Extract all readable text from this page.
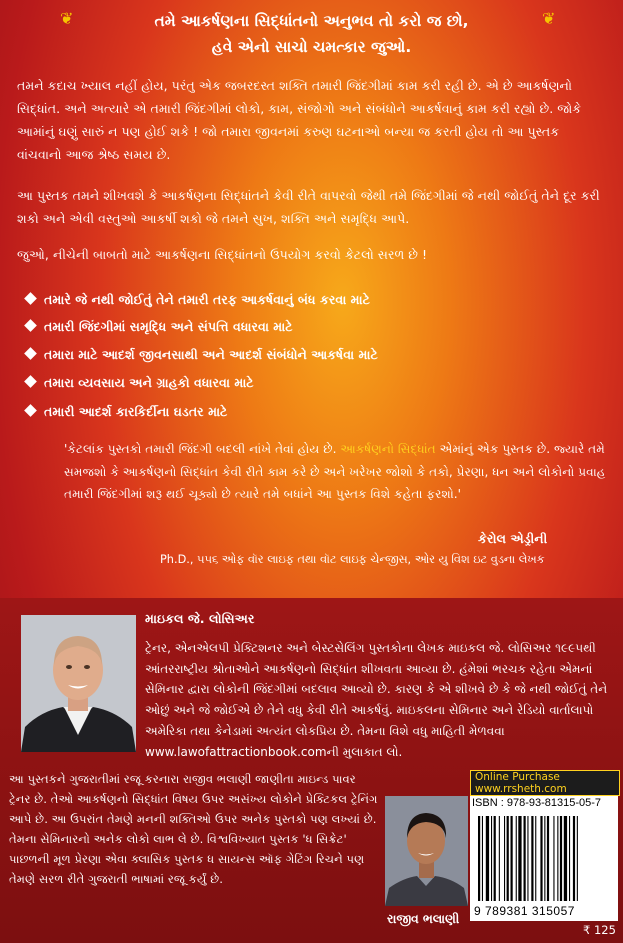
❦	❦
તમે આકર્ષણના સિદ્ધાંતનો અનુભવ તો કરો જ છો,
હવે એનો સાચો ચમત્કાર જુઓ.

તમને કદાચ ખ્યાલ નહીં હોય, પરંતુ એક જબરદસ્ત શક્તિ તમારી જિંદગીમાં કામ કરી રહી છે. એ છે આકર્ષણનો સિદ્ધાંત. અને અત્યારે એ તમારી જિંદગીમાં લોકો, કામ, સંજોગો અને સંબંધોને આકર્ષવાનું કામ કરી રહ્યો છે. જોકે આમાંનું ઘણું સારું ન પણ હોઈ શકે ! જો તમારા જીવનમાં કરુણ ઘટનાઓ બન્યા જ કરતી હોય તો આ પુસ્તક વાંચવાનો આજ શ્રેષ્ઠ સમય છે.

આ પુસ્તક તમને શીખવશે કે આકર્ષણના સિદ્ધાંતને કેવી રીતે વાપરવો જેથી તમે જિંદગીમાં જે નથી જોઈતું તેને દૂર કરી શકો અને એવી વસ્તુઓ આકર્ષી શકો જે તમને સુખ, શક્તિ અને સમૃદ્ધિ આપે.

જુઓ, નીચેની બાબતો માટે આકર્ષણના સિદ્ધાંતનો ઉપયોગ કરવો કેટલો સરળ છે !

તમારે જે નથી જોઈતું તેને તમારી તરફ આકર્ષવાનું બંધ કરવા માટે
તમારી જિંદગીમાં સમૃદ્ધિ અને સંપત્તિ વધારવા માટે
તમારા માટે આદર્શ જીવનસાથી અને આદર્શ સંબંધોને આકર્ષવા માટે
તમારા વ્યવસાય અને ગ્રાહકો વધારવા માટે
તમારી આદર્શ કારકિર્દીના ઘડતર માટે
'કેટલાંક પુસ્તકો તમારી જિંદગી બદલી નાંખે તેવાં હોય છે. આકર્ષણનો સિદ્ધાંત એમાંનું એક પુસ્તક છે. જ્યારે તમે સમજશો કે આકર્ષણનો સિદ્ધાંત કેવી રીતે કામ કરે છે અને ખરેખર જોશો કે તકો, પ્રેરણા, ધન અને લોકોનો પ્રવાહ તમારી જિંદગીમાં શરૂ થઈ ચૂક્યો છે ત્યારે તમે બધાંને આ પુસ્તક વિશે કહેતા ફરશો.'
કેરોલ એડ્રીની
Ph.D., ૫૫૬ ઓફ વૉર લાઇફ તથા વૉટ લાઇફ ચેન્જીસ, ઓર યુ વિશ ઇટ વુડના લેખક
માઇકલ જે. લોસિઅર

ટ્રેનર, એનએલપી પ્રેક્ટિશનર અને બેસ્ટસેલિંગ પુસ્તકોના લેખક માઇકલ જે. લોસિઅર ૧૯૯૫થી આંતરરાષ્ટ્રીય શ્રોતાઓને આકર્ષણનો સિદ્ધાંત શીખવતા આવ્યા છે. હંમેશાં ભરચક રહેતા એમનાં સેમિનાર દ્વારા લોકોની જિંદગીમાં બદલાવ આવ્યો છે. કારણ કે એ શીખવે છે કે જે નથી જોઈતું તેને ઓછું અને જે જોઈએ છે તેને વધુ કેવી રીતે આકર્ષવું. માઇકલના સેમિનાર અને રેડિયો વાર્તાલાપો અમેરિકા તથા કેનેડામાં અત્યંત લોકપ્રિય છે. તેમના વિશે વધુ માહિતી મેળવવા
www.lawofattractionbook.comની મુલાકાત લો.

આ પુસ્તકને ગુજરાતીમાં રજૂ કરનારા રાજીવ ભલાણી જાણીતા માઇન્ડ પાવર ટ્રેનર છે. તેઓ આકર્ષણનો સિદ્ધાંત વિષય ઉપર અસંખ્ય લોકોને પ્રેક્ટિકલ ટ્રેનિંગ આપે છે. આ ઉપરાંત તેમણે મનની શક્તિઓ ઉપર અનેક પુસ્તકો પણ લખ્યાં છે. તેમના સેમિનારનો અનેક લોકો લાભ લે છે. વિશ્વવિખ્યાત પુસ્તક 'ધ સિક્રેટ' પાછળની મૂળ પ્રેરણા એવા ક્લાસિક પુસ્તક ધ સાયન્સ ઑફ ગેટિંગ રિચને પણ તેમણે સરળ રીતે ગુજરાતી ભાષામાં રજૂ કર્યું છે.

રાજીવ ભલાણી
Online Purchase
www.rrsheth.com
ISBN : 978-93-81315-05-7
9 789381 315057
₹ 125
